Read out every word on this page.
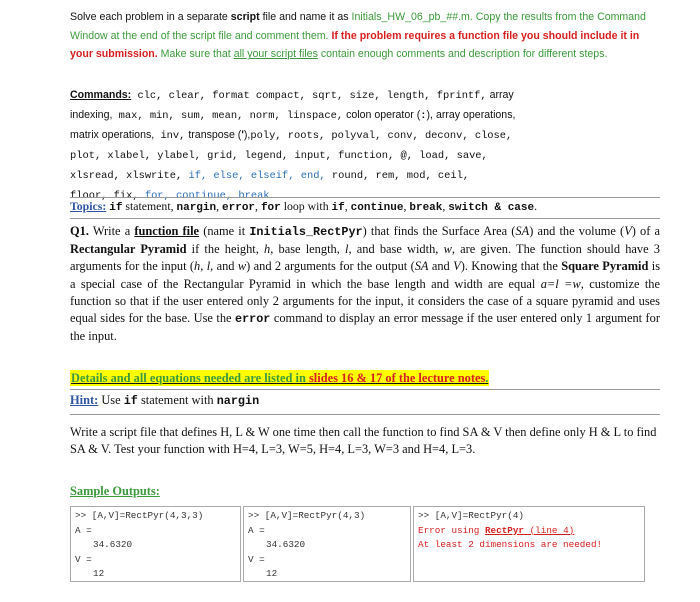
Solve each problem in a separate script file and name it as Initials_HW_06_pb_##.m. Copy the results from the Command Window at the end of the script file and comment them. If the problem requires a function file you should include it in your submission. Make sure that all your script files contain enough comments and description for different steps.

Commands: clc, clear, format compact, sqrt, size, length, fprintf, array
indexing, max, min, sum, mean, norm, linspace, colon operator (:), array operations,
matrix operations, inv, transpose ('),poly, roots, polyval, conv, deconv, close,
plot, xlabel, ylabel, grid, legend, input, function, @, load, save,
xlsread, xlswrite, if, else, elseif, end, round, rem, mod, ceil,
floor, fix, for, continue, break

Topics: if statement, nargin, error, for loop with if, continue, break, switch & case.

Q1. Write a function file (name it Initials_RectPyr) that finds the Surface Area (SA) and the volume (V) of a Rectangular Pyramid if the height, h, base length, l, and base width, w, are given. The function should have 3 arguments for the input (h, l, and w) and 2 arguments for the output (SA and V). Knowing that the Square Pyramid is a special case of the Rectangular Pyramid in which the base length and width are equal a=l =w, customize the function so that if the user entered only 2 arguments for the input, it considers the case of a square pyramid and uses equal sides for the base. Use the error command to display an error message if the user entered only 1 argument for the input.

Details and all equations needed are listed in slides 16 & 17 of the lecture notes.

Hint: Use if statement with nargin

Write a script file that defines H, L & W one time then call the function to find SA & V then define only H & L to find SA & V. Test your function with H=4, L=3, W=5, H=4, L=3, W=3 and H=4, L=3.

Sample Outputs:

>> [A,V]=RectPyr(4,3,3)
A =
34.6320
V =
12
>> [A,V]=RectPyr(4,3)
A =
34.6320
V =
12
>> [A,V]=RectPyr(4)
Error using RectPyr (line 4)
At least 2 dimensions are needed!
